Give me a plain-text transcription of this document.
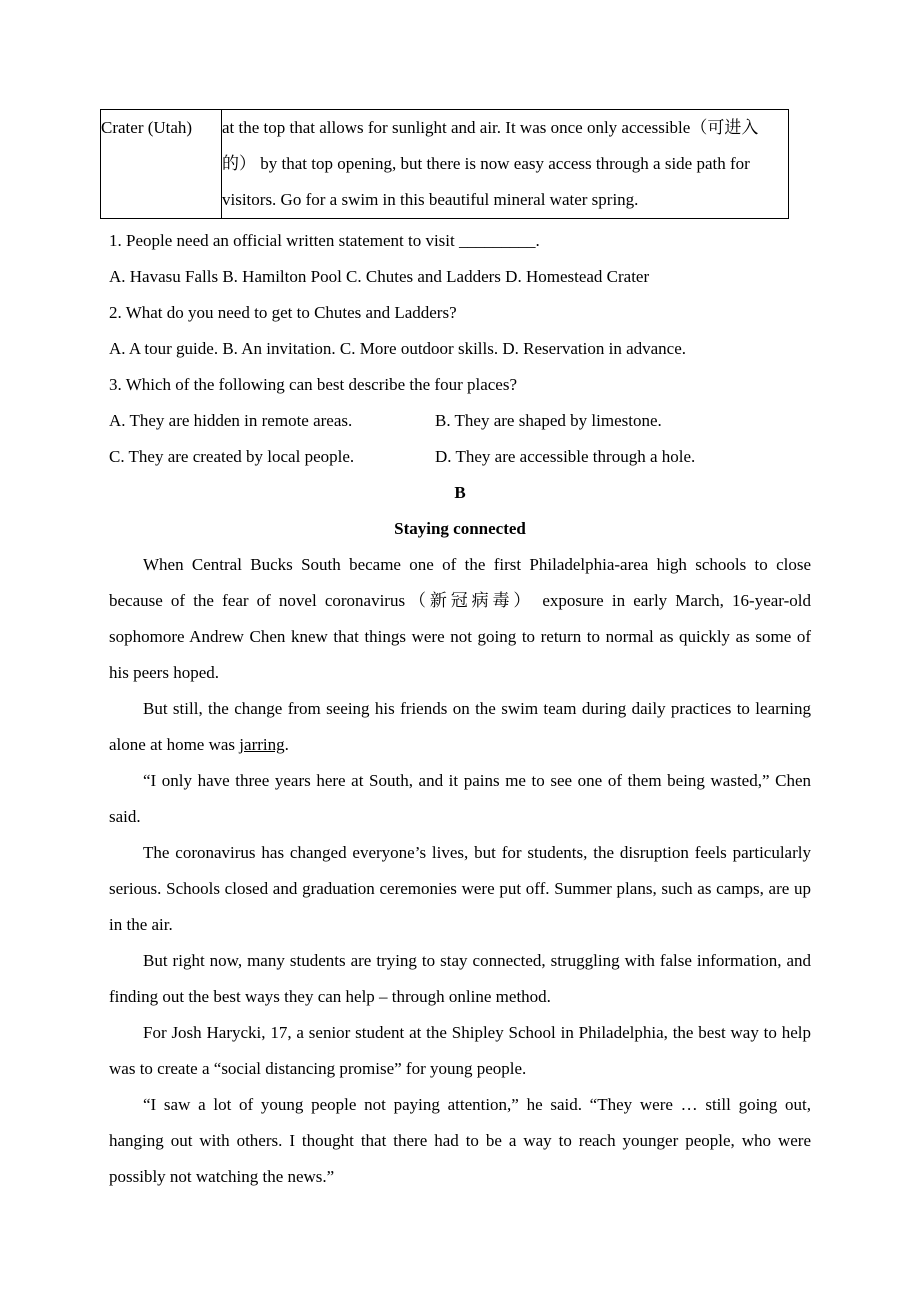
Crater (Utah)	at the top that allows for sunlight and air. It was once only accessible（可进入的） by that top opening, but there is now easy access through a side path for visitors. Go for a swim in this beautiful mineral water spring.
1. People need an official written statement to visit _________.
A. Havasu Falls B. Hamilton Pool C. Chutes and Ladders D. Homestead Crater
2. What do you need to get to Chutes and Ladders?
A. A tour guide. B. An invitation. C. More outdoor skills. D. Reservation in advance.
3. Which of the following can best describe the four places?
A. They are hidden in remote areas.	B. They are shaped by limestone.
C. They are created by local people.	D. They are accessible through a hole.
B
Staying connected

When Central Bucks South became one of the first Philadelphia-area high schools to close because of the fear of novel coronavirus（新冠病毒） exposure in early March, 16-year-old sophomore Andrew Chen knew that things were not going to return to normal as quickly as some of his peers hoped.

But still, the change from seeing his friends on the swim team during daily practices to learning alone at home was jarring.

“I only have three years here at South, and it pains me to see one of them being wasted,” Chen said.

The coronavirus has changed everyone’s lives, but for students, the disruption feels particularly serious. Schools closed and graduation ceremonies were put off. Summer plans, such as camps, are up in the air.

But right now, many students are trying to stay connected, struggling with false information, and finding out the best ways they can help – through online method.

For Josh Harycki, 17, a senior student at the Shipley School in Philadelphia, the best way to help was to create a “social distancing promise” for young people.

“I saw a lot of young people not paying attention,” he said. “They were … still going out, hanging out with others. I thought that there had to be a way to reach younger people, who were possibly not watching the news.”
